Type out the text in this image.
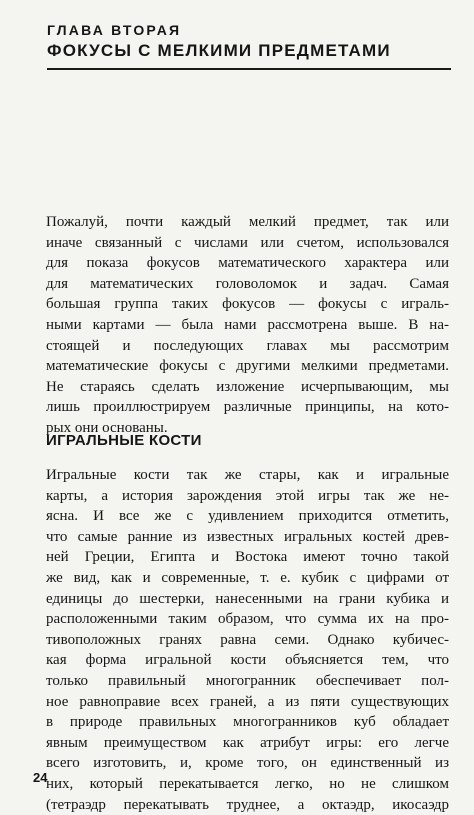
ГЛАВА ВТОРАЯ
ФОКУСЫ С МЕЛКИМИ ПРЕДМЕТАМИ
Пожалуй, почти каждый мелкий предмет, так или
иначе связанный с числами или счетом, использовался
для показа фокусов математического характера или
для математических головоломок и задач. Самая
большая группа таких фокусов — фокусы с играль-
ными картами — была нами рассмотрена выше. В на-
стоящей и последующих главах мы рассмотрим
математические фокусы с другими мелкими предметами.
Не стараясь сделать изложение исчерпывающим, мы
лишь проиллюстрируем различные принципы, на кото-
рых они основаны.
ИГРАЛЬНЫЕ КОСТИ
Игральные кости так же стары, как и игральные
карты, а история зарождения этой игры так же не-
ясна. И все же с удивлением приходится отметить,
что самые ранние из известных игральных костей древ-
ней Греции, Египта и Востока имеют точно такой
же вид, как и современные, т. е. кубик с цифрами от
единицы до шестерки, нанесенными на грани кубика и
расположенными таким образом, что сумма их на про-
тивоположных гранях равна семи. Однако кубичес-
кая форма игральной кости объясняется тем, что
только правильный многогранник обеспечивает пол-
ное равноправие всех граней, а из пяти существующих
в природе правильных многогранников куб обладает
явным преимуществом как атрибут игры: его легче
всего изготовить, и, кроме того, он единственный из
них, который перекатывается легко, но не слишком
(тетраэдр перекатывать труднее, а октаэдр, икосаэдр
24
